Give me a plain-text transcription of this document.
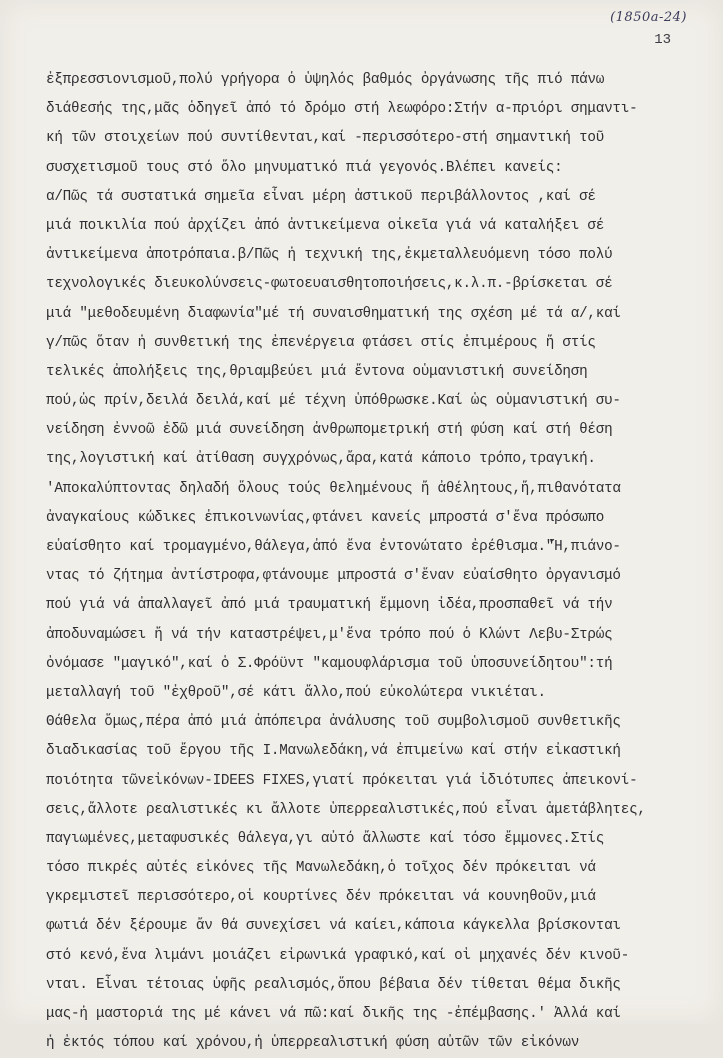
(1850a-24)
13
ἐξπρεσσιονισμοῦ,πολύ γρήγορα ὁ ὑψηλός βαθμός ὀργάνωσης τῆς πιό πάνω
διάθεσής της,μᾶς ὁδηγεῖ ἀπό τό δρόμο στή λεωφόρο:Στήν α-πριόρι σημαντι-
κή τῶν στοιχείων πού συντίθενται,καί -περισσότερο-στή σημαντική τοῦ
συσχετισμοῦ τους στό ὅλο μηνυματικό πιά γεγονός.Βλέπει κανείς:
α/Πῶς τά συστατικά σημεῖα εἶναι μέρη ἀστικοῦ περιβάλλοντος ,καί σέ
μιά ποικιλία πού ἀρχίζει ἀπό ἀντικείμενα οἰκεῖα γιά νά καταλήξει σέ
ἀντικείμενα ἀποτρόπαια.β/Πῶς ἡ τεχνική της,ἐκμεταλλευόμενη τόσο πολύ
τεχνολογικές διευκολύνσεις-φωτοευαισθητοποιήσεις,κ.λ.π.-βρίσκεται σέ
μιά "μεθοδευμένη διαφωνία"μέ τή συναισθηματική της σχέση μέ τά α/,καί
γ/πῶς ὅταν ἡ συνθετική της ἐπενέργεια φτάσει στίς ἐπιμέρους ἤ στίς
τελικές ἀπολήξεις της,θριαμβεύει μιά ἔντονα οὑμανιστική συνείδηση
πού,ὡς πρίν,δειλά δειλά,καί μέ τέχνη ὑπόθρωσκε.Καί ὡς οὑμανιστική συ-
νείδηση ἐννοῶ ἐδῶ μιά συνείδηση ἀνθρωπομετρική στή φύση καί στή θέση
της,λογιστική καί ἀτίθαση συγχρόνως,ἄρα,κατά κάποιο τρόπο,τραγική.
'Αποκαλύπτοντας δηλαδή ὅλους τούς θελημένους ἤ ἀθέλητους,ἤ,πιθανότατα
ἀναγκαίους κώδικες ἐπικοινωνίας,φτάνει κανείς μπροστά σ'ἕνα πρόσωπο
εὐαίσθητο καί τρομαγμένο,θάλεγα,ἀπό ἕνα ἐντονώτατο ἐρέθισμα."Ἤ,πιάνο-
ντας τό ζήτημα ἀντίστροφα,φτάνουμε μπροστά σ'ἕναν εὐαίσθητο ὀργανισμό
πού γιά νά ἀπαλλαγεῖ ἀπό μιά τραυματική ἔμμονη ἰδέα,προσπαθεῖ νά τήν
ἀποδυναμώσει ἤ νά τήν καταστρέψει,μ'ἕνα τρόπο πού ὁ Κλώντ Λεβυ-Στρώς
ὀνόμασε "μαγικό",καί ὁ Σ.Φρόϋντ "καμουφλάρισμα τοῦ ὑποσυνείδητου":τή
μεταλλαγή τοῦ "ἐχθροῦ",σέ κάτι ἄλλο,πού εὐκολώτερα νικιέται.
Θάθελα ὅμως,πέρα ἀπό μιά ἀπόπειρα ἀνάλυσης τοῦ συμβολισμοῦ συνθετικῆς
διαδικασίας τοῦ ἔργου τῆς Ι.Μανωλεδάκη,νά ἐπιμείνω καί στήν εἰκαστική
ποιότητα τῶνεἰκόνων-IDEES FIXES,γιατί πρόκειται γιά ἰδιότυπες ἀπεικονί-
σεις,ἄλλοτε ρεαλιστικές κι ἄλλοτε ὑπερρεαλιστικές,πού εἶναι ἀμετάβλητες,
παγιωμένες,μεταφυσικές θάλεγα,γι αὐτό ἄλλωστε καί τόσο ἔμμονες.Στίς
τόσο πικρές αὐτές εἰκόνες τῆς Μανωλεδάκη,ὁ τοῖχος δέν πρόκειται νά
γκρεμιστεῖ περισσότερο,οἱ κουρτίνες δέν πρόκειται νά κουνηθοῦν,μιά
φωτιά δέν ξέρουμε ἄν θά συνεχίσει νά καίει,κάποια κάγκελλα βρίσκονται
στό κενό,ἕνα λιμάνι μοιάζει εἰρωνικά γραφικό,καί οἱ μηχανές δέν κινοῦ-
νται. Εἶναι τέτοιας ὑφῆς ρεαλισμός,ὅπου βέβαια δέν τίθεται θέμα δικῆς
μας-ἡ μαστοριά της μέ κάνει νά πῶ:καί δικῆς της -ἐπέμβασης.' Ἀλλά καί
ἡ ἐκτός τόπου καί χρόνου,ἡ ὑπερρεαλιστική φύση αὐτῶν τῶν εἰκόνων
